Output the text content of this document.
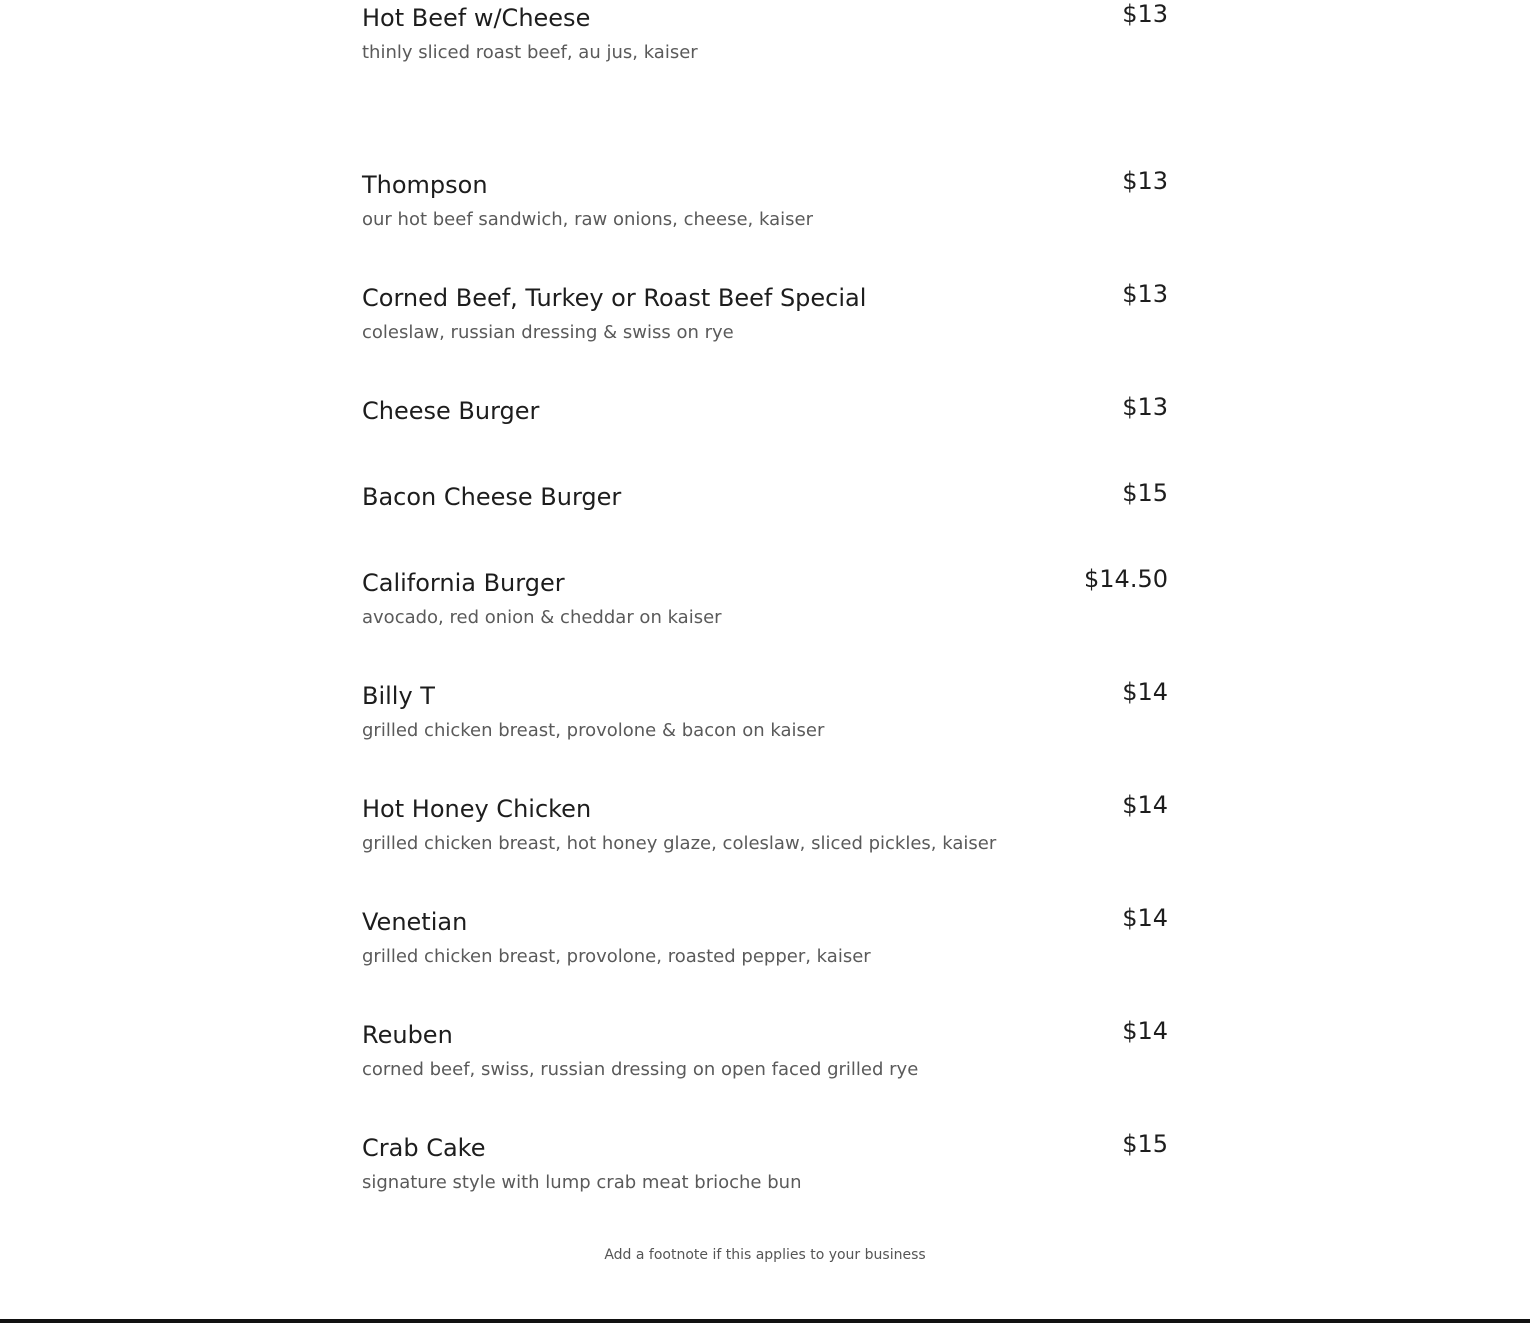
Hot Beef w/Cheese	$13
thinly sliced roast beef, au jus, kaiser
Thompson	$13
our hot beef sandwich, raw onions, cheese, kaiser
Corned Beef, Turkey or Roast Beef Special	$13
coleslaw, russian dressing & swiss on rye
Cheese Burger	$13
Bacon Cheese Burger	$15
California Burger	$14.50
avocado, red onion & cheddar on kaiser
Billy T	$14
grilled chicken breast, provolone & bacon on kaiser
Hot Honey Chicken	$14
grilled chicken breast, hot honey glaze, coleslaw, sliced pickles, kaiser
Venetian	$14
grilled chicken breast, provolone, roasted pepper, kaiser
Reuben	$14
corned beef, swiss, russian dressing on open faced grilled rye
Crab Cake	$15
signature style with lump crab meat brioche bun
Add a footnote if this applies to your business
